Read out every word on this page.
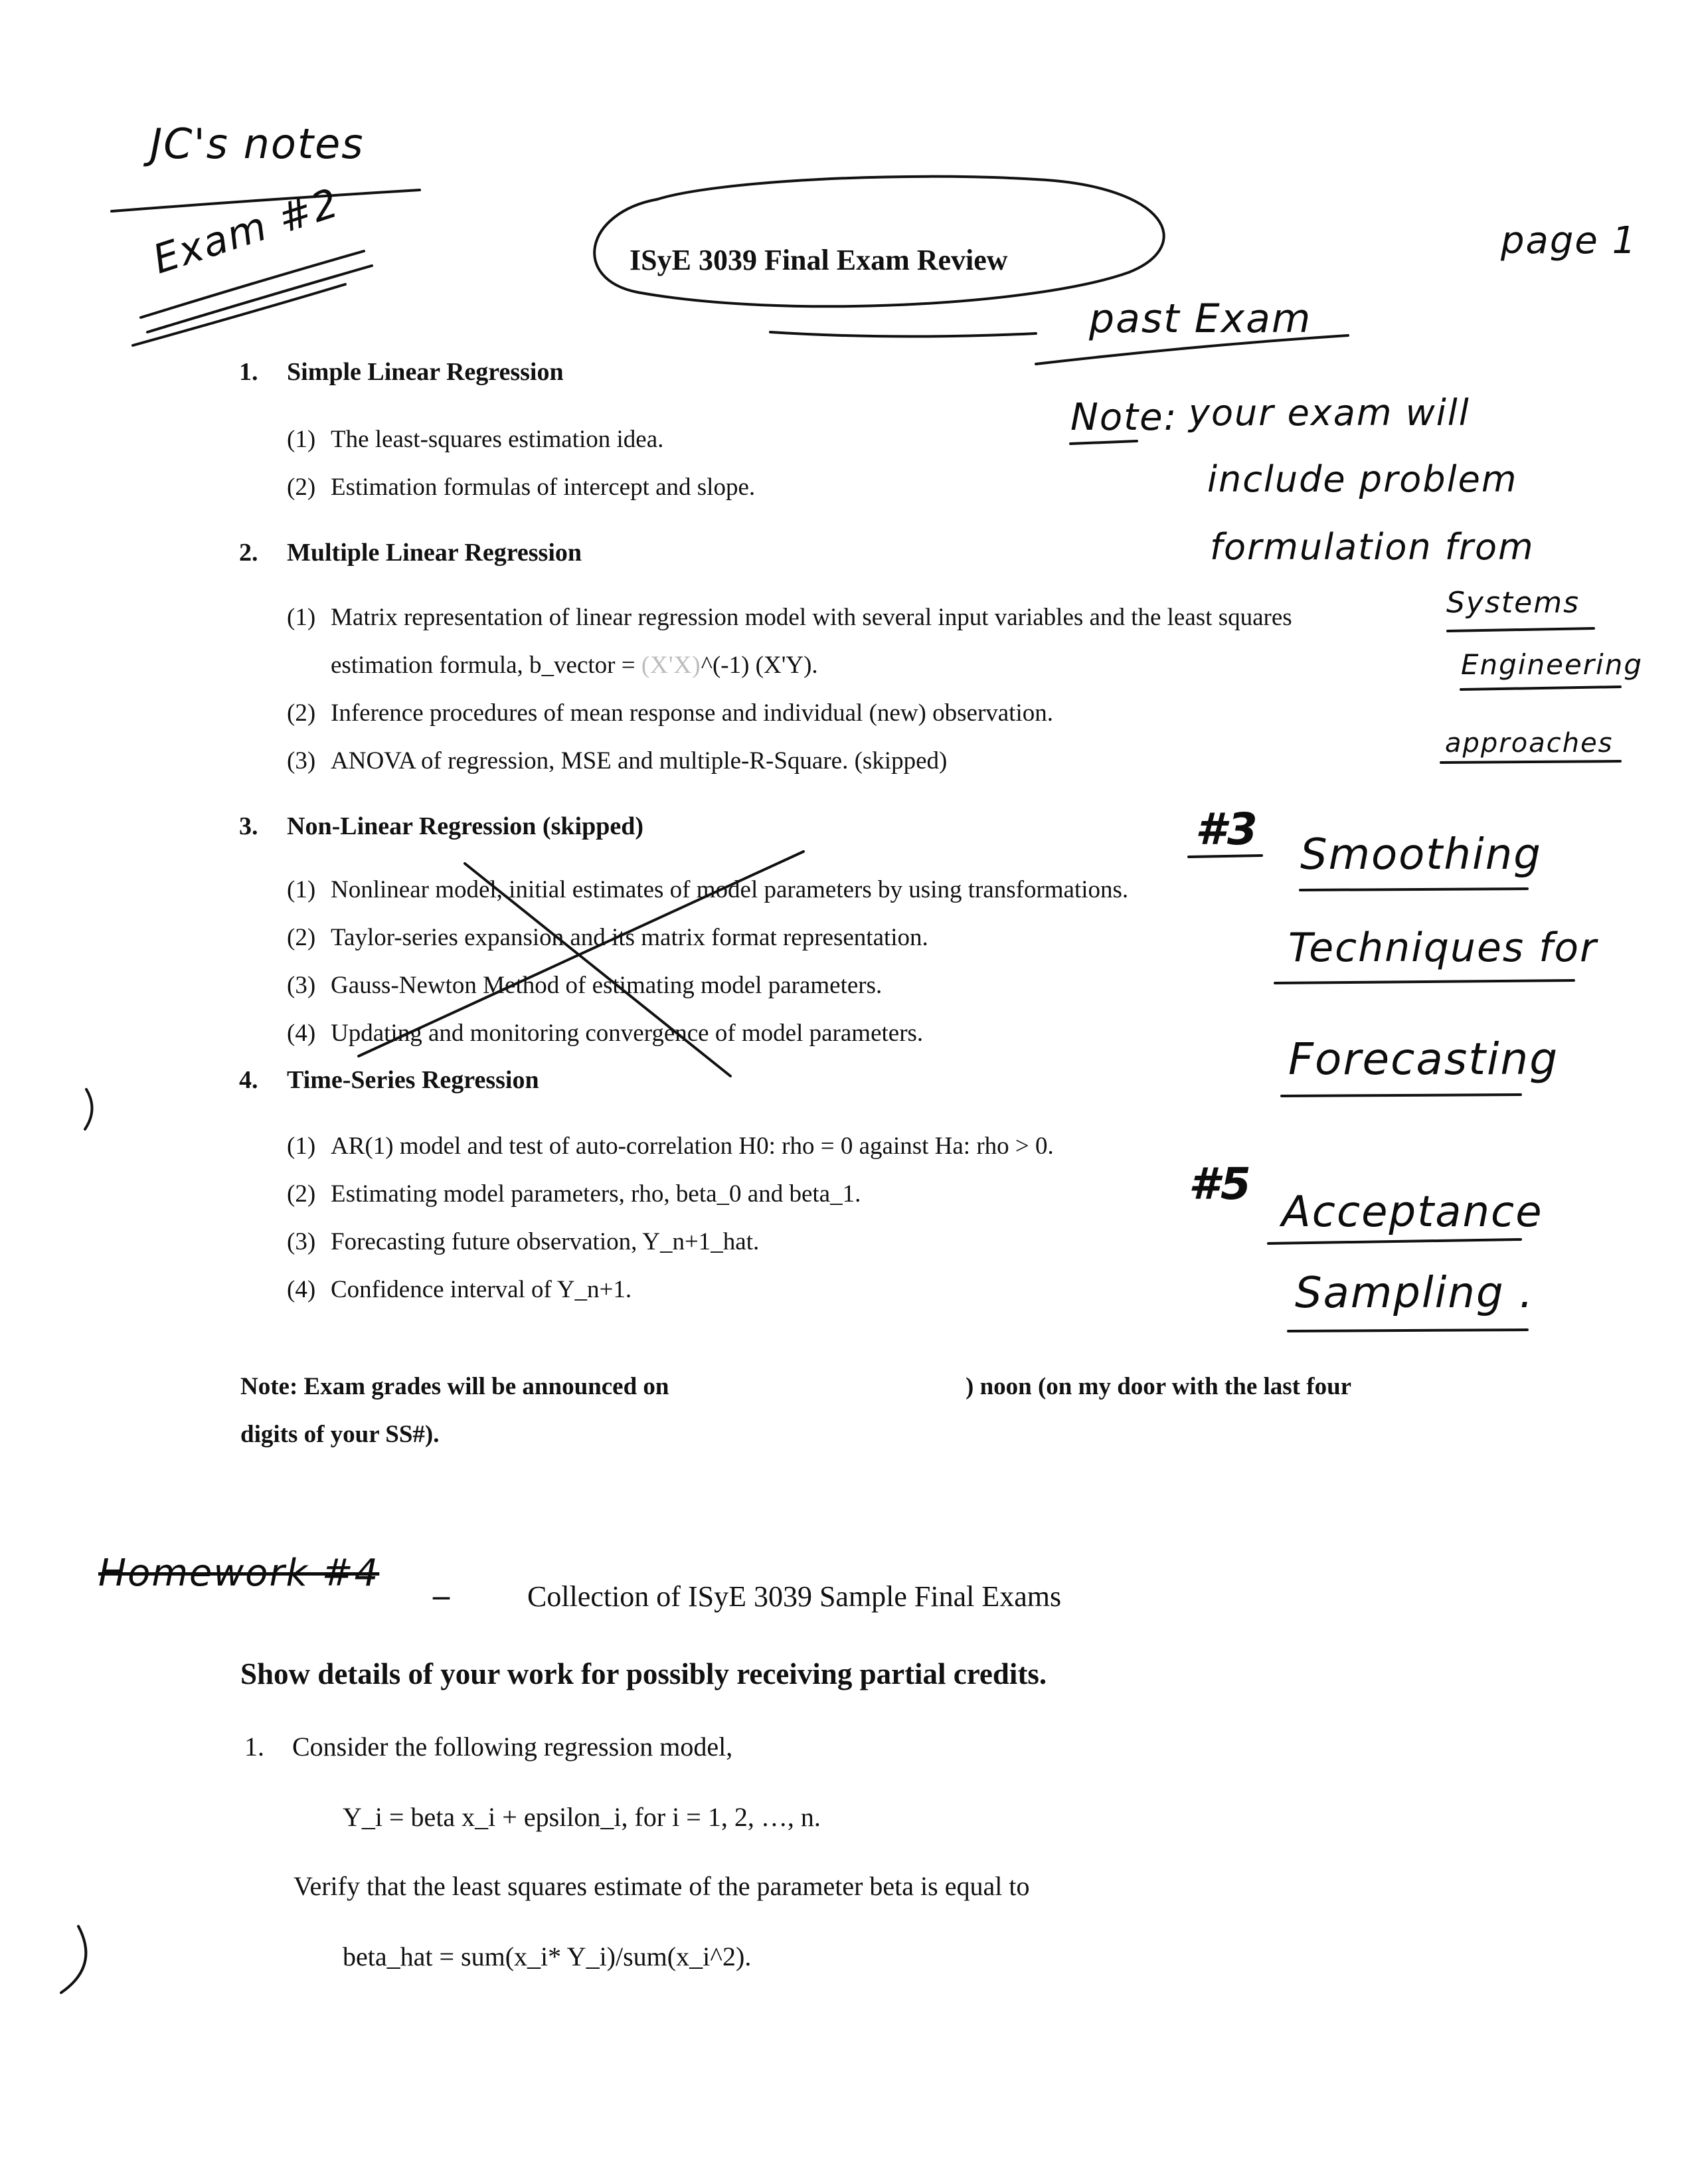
JC's notes
Exam #2	page 1
past Exam
Note: your exam will
include problem
formulation from
Systems
Engineering
approaches
#3 Smoothing
Techniques for
Forecasting
#5
Acceptance
Sampling .
Homework #4
ISyE 3039 Final Exam Review
1. Simple Linear Regression
(1) The least-squares estimation idea.
(2) Estimation formulas of intercept and slope.
2. Multiple Linear Regression
(1) Matrix representation of linear regression model with several input variables and the least squares
estimation formula, b_vector = (X'X)^(-1) (X'Y).
(2) Inference procedures of mean response and individual (new) observation.
(3) ANOVA of regression, MSE and multiple-R-Square. (skipped)
3. Non-Linear Regression (skipped)
(1) Nonlinear model, initial estimates of model parameters by using transformations.
(2) Taylor-series expansion and its matrix format representation.
(3) Gauss-Newton Method of estimating model parameters.
(4) Updating and monitoring convergence of model parameters.
4. Time-Series Regression
(1) AR(1) model and test of auto-correlation H0: rho = 0 against Ha: rho > 0.
(2) Estimating model parameters, rho, beta_0 and beta_1.
(3) Forecasting future observation, Y_n+1_hat.
(4) Confidence interval of Y_n+1.
Note: Exam grades will be announced on	) noon (on my door with the last four
digits of your SS#).
–	Collection of ISyE 3039 Sample Final Exams
Show details of your work for possibly receiving partial credits.
1. Consider the following regression model,
Y_i = beta x_i + epsilon_i, for i = 1, 2, …, n.
Verify that the least squares estimate of the parameter beta is equal to
beta_hat = sum(x_i* Y_i)/sum(x_i^2).
